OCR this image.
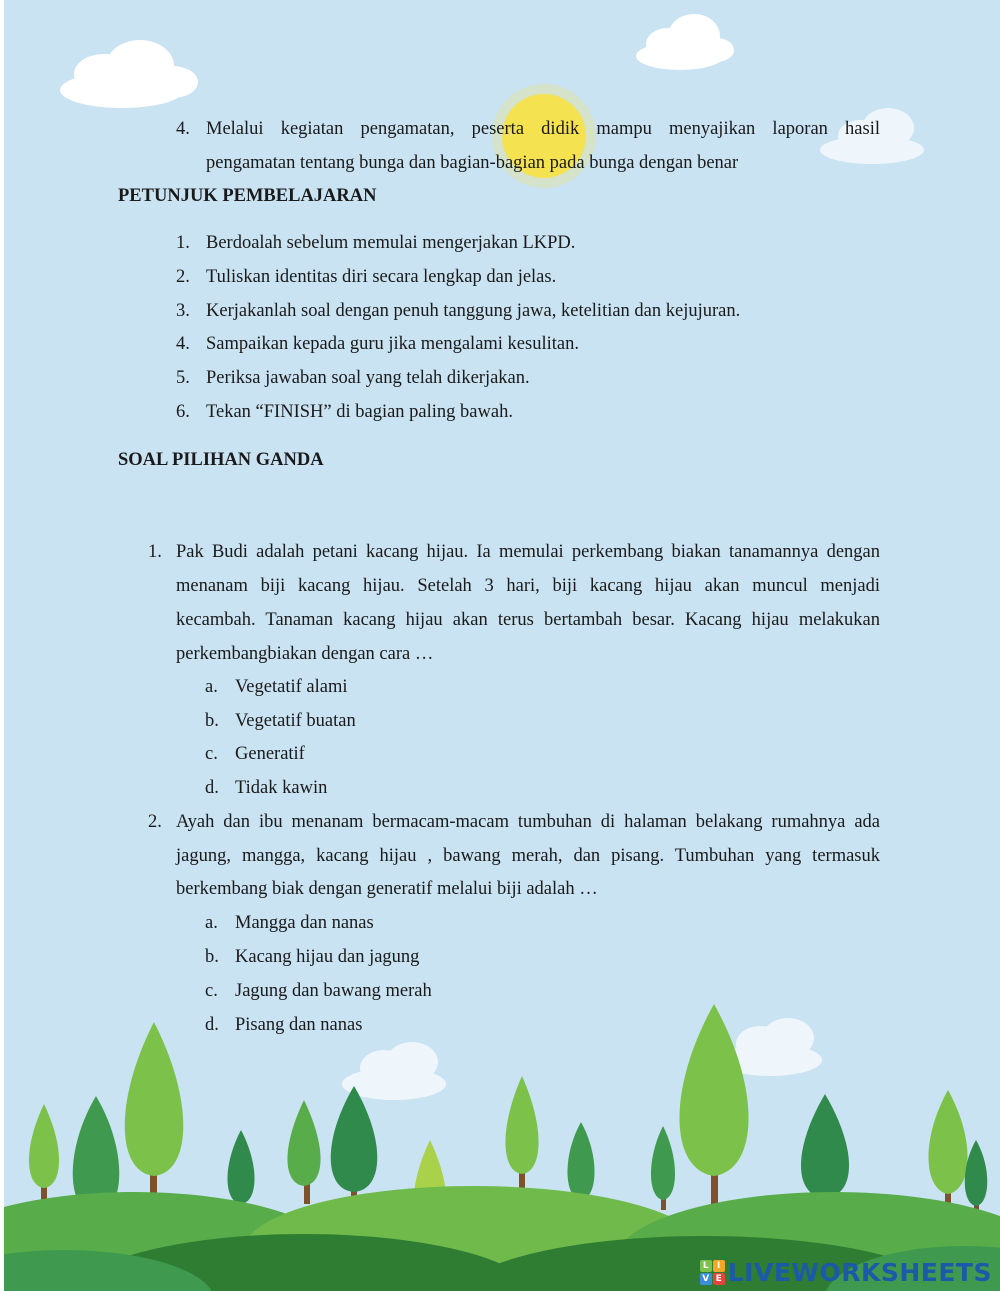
4. Melalui kegiatan pengamatan, peserta didik mampu menyajikan laporan hasil
pengamatan tentang bunga dan bagian-bagian pada bunga dengan benar
PETUNJUK PEMBELAJARAN
1. Berdoalah sebelum memulai mengerjakan LKPD.
2. Tuliskan identitas diri secara lengkap dan jelas.
3. Kerjakanlah soal dengan penuh tanggung jawa, ketelitian dan kejujuran.
4. Sampaikan kepada guru jika mengalami kesulitan.
5. Periksa jawaban soal yang telah dikerjakan.
6. Tekan “FINISH” di bagian paling bawah.
SOAL PILIHAN GANDA
1. Pak Budi adalah petani kacang hijau. Ia memulai perkembang biakan tanamannya dengan
menanam biji kacang hijau. Setelah 3 hari, biji kacang hijau akan muncul menjadi
kecambah. Tanaman kacang hijau akan terus bertambah besar. Kacang hijau melakukan
perkembangbiakan dengan cara …
a. Vegetatif alami
b. Vegetatif buatan
c. Generatif
d. Tidak kawin
2. Ayah dan ibu menanam bermacam-macam tumbuhan di halaman belakang rumahnya ada
jagung, mangga, kacang hijau , bawang merah, dan pisang. Tumbuhan yang termasuk
berkembang biak dengan generatif melalui biji adalah …
a. Mangga dan nanas
b. Kacang hijau dan jagung
c. Jagung dan bawang merah
d. Pisang dan nanas
L I
V E LIVEWORKSHEETS
